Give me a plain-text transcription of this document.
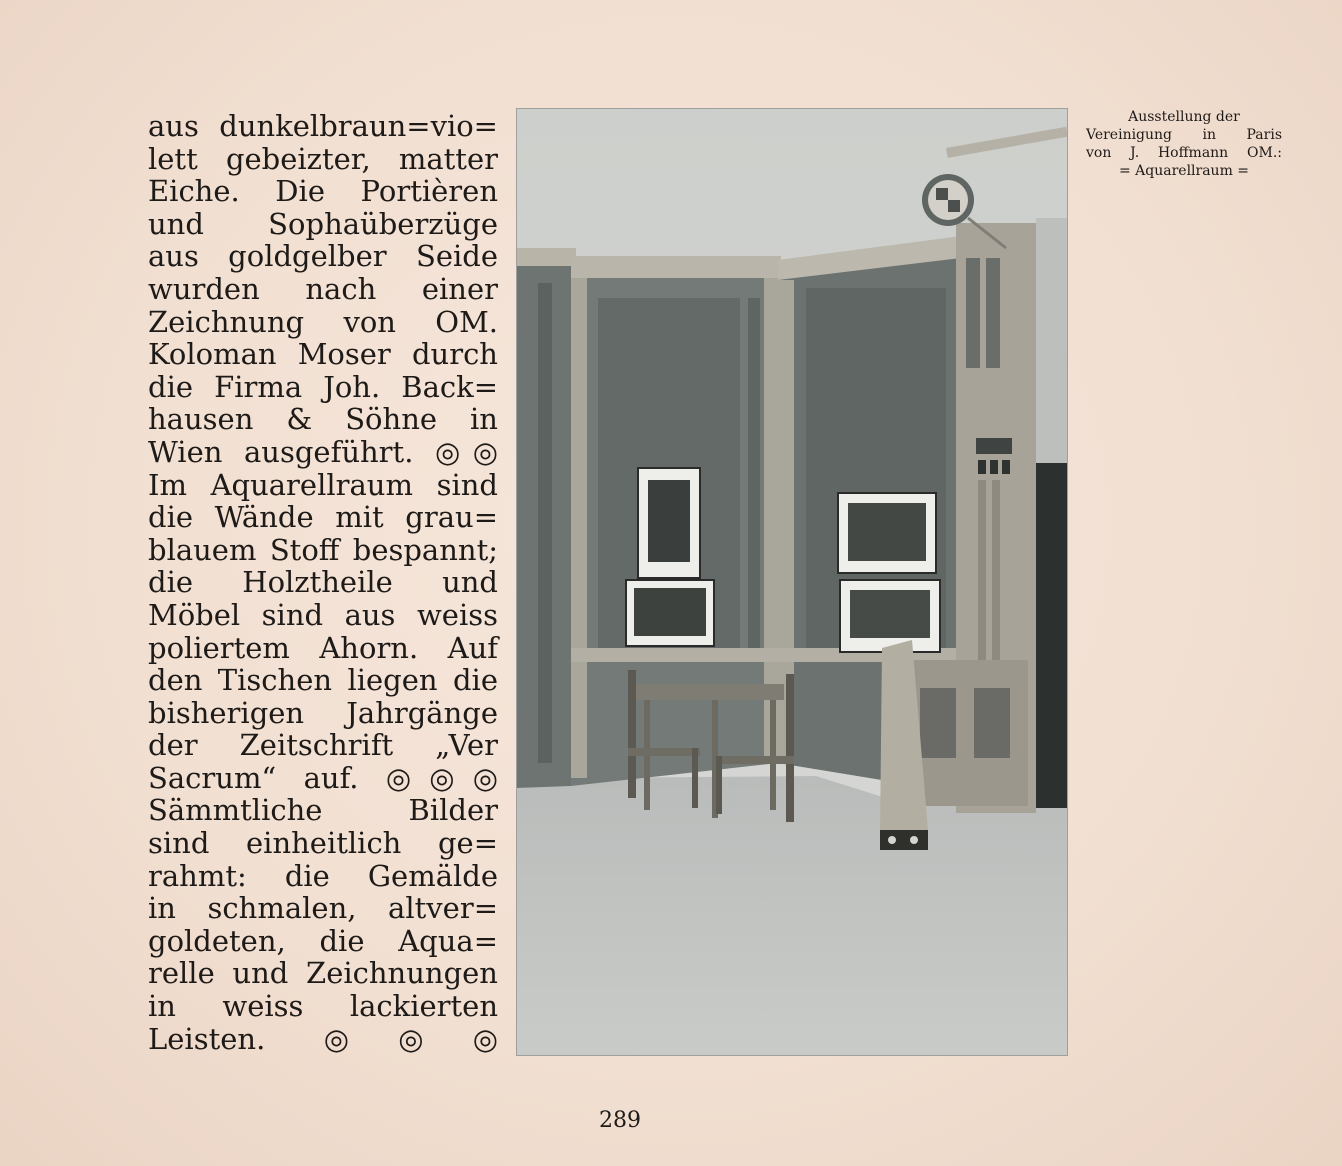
aus dunkelbraun=vio=
lett gebeizter, matter
Eiche. Die Portièren
und Sophaüberzüge
aus goldgelber Seide
wurden nach einer
Zeichnung von OM.
Koloman Moser durch
die Firma Joh. Back=
hausen & Söhne in
Wien ausgeführt. ◎◎
Im Aquarellraum sind
die Wände mit grau=
blauem Stoff bespannt;
die Holztheile und
Möbel sind aus weiss
poliertem Ahorn. Auf
den Tischen liegen die
bisherigen Jahrgänge
der Zeitschrift „Ver
Sacrum“ auf. ◎◎◎
Sämmtliche Bilder
sind einheitlich ge=
rahmt: die Gemälde
in schmalen, altver=
goldeten, die Aqua=
relle und Zeichnungen
in weiss lackierten
Leisten. ◎◎◎
Ausstellung der
Vereinigung in Paris
von J. Hoffmann OM.:
= Aquarellraum =
289
